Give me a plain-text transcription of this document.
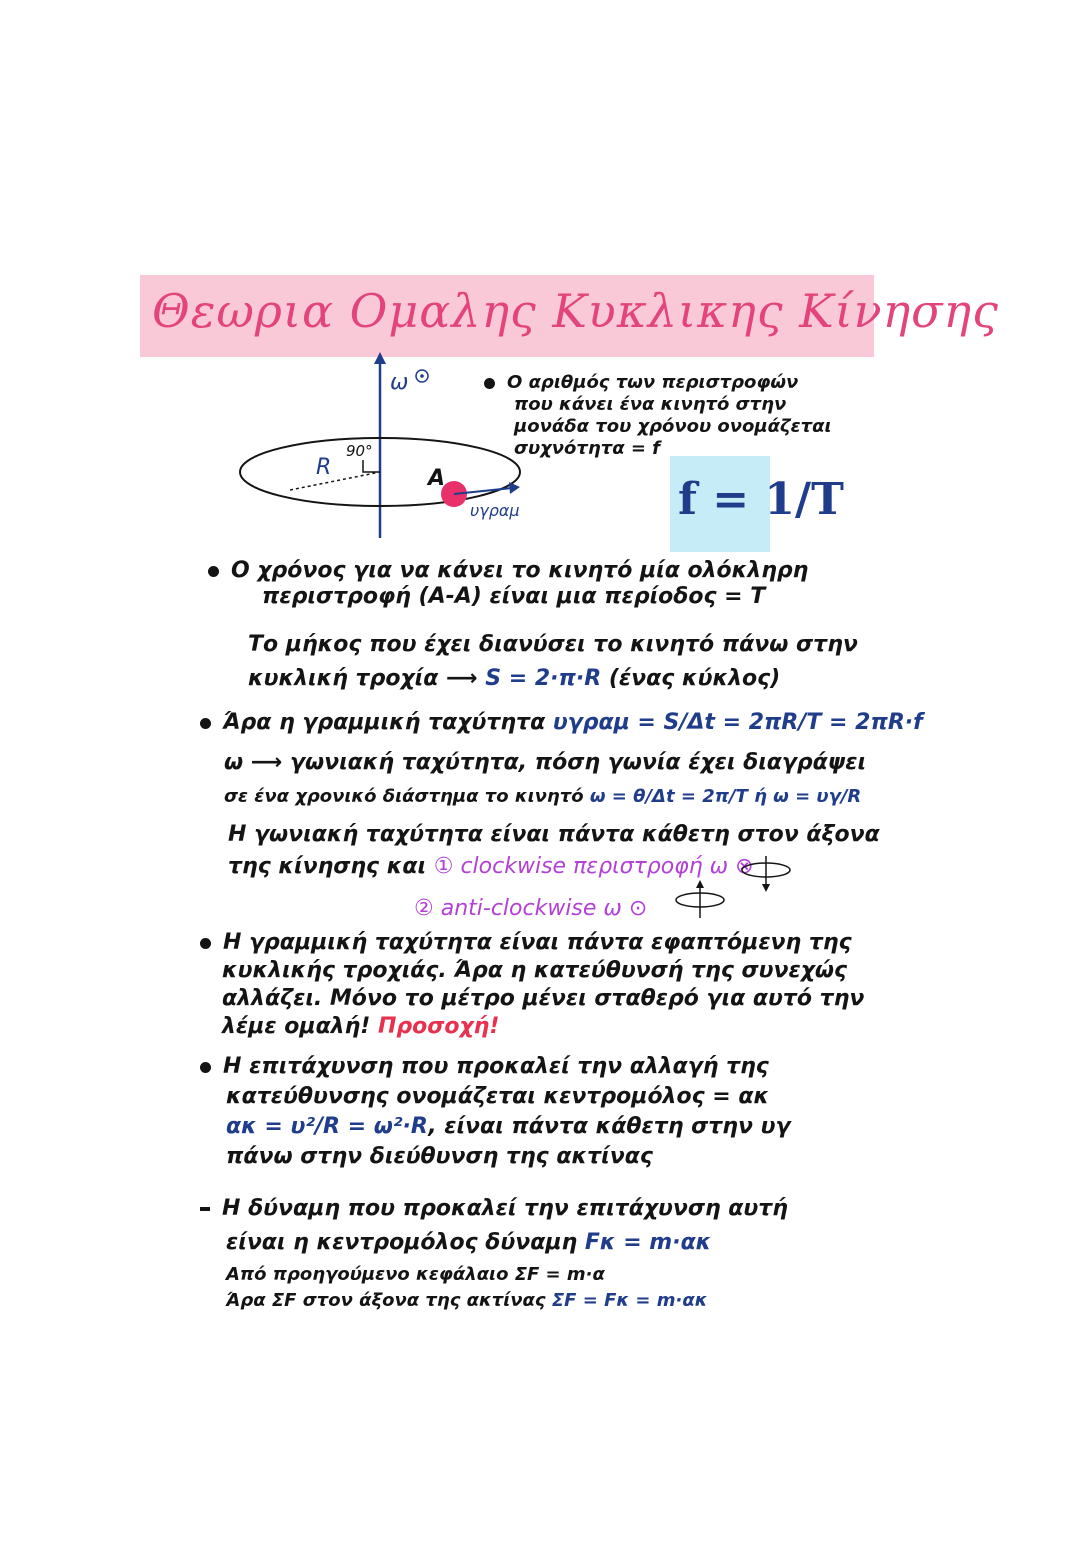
Θεωρια Ομαλης Κυκλικης Κίνησης
ω
90°
R	A
υγραμ
Ο αριθμός των περιστροφών
που κάνει ένα κινητό στην
μονάδα του χρόνου ονομάζεται
συχνότητα = f
f = 1/T
Ο χρόνος για να κάνει το κινητό μία ολόκληρη
περιστροφή (Α-Α) είναι μια περίοδος = T
Το μήκος που έχει διανύσει το κινητό πάνω στην
κυκλική τροχία ⟶ S = 2·π·R (ένας κύκλος)
Άρα η γραμμική ταχύτητα υγραμ = S/Δt = 2πR/T = 2πR·f
ω ⟶ γωνιακή ταχύτητα, πόση γωνία έχει διαγράψει
σε ένα χρονικό διάστημα το κινητό ω = θ/Δt = 2π/T ή ω = υγ/R
Η γωνιακή ταχύτητα είναι πάντα κάθετη στον άξονα
της κίνησης και ① clockwise περιστροφή ω ⊗
② anti-clockwise ω ⊙
Η γραμμική ταχύτητα είναι πάντα εφαπτόμενη της
κυκλικής τροχιάς. Άρα η κατεύθυνσή της συνεχώς
αλλάζει. Μόνο το μέτρο μένει σταθερό για αυτό την
λέμε ομαλή! Προσοχή!
Η επιτάχυνση που προκαλεί την αλλαγή της
κατεύθυνσης ονομάζεται κεντρομόλος = ακ
ακ = υ²/R = ω²·R, είναι πάντα κάθετη στην υγ
πάνω στην διεύθυνση της ακτίνας
Η δύναμη που προκαλεί την επιτάχυνση αυτή
είναι η κεντρομόλος δύναμη Fκ = m·ακ
Από προηγούμενο κεφάλαιο ΣF = m·α
Άρα ΣF στον άξονα της ακτίνας ΣF = Fκ = m·ακ
